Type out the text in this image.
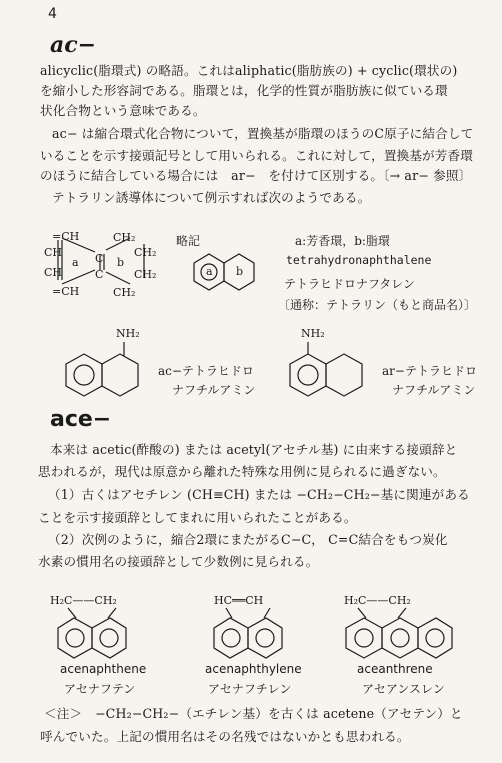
4
ac−
alicyclic(脂環式) の略語。これはaliphatic(脂肪族の) + cyclic(環状の)
を縮小した形容詞である。脂環とは，化学的性質が脂肪族に似ている環
状化合物という意味である。
ac− は縮合環式化合物について，置換基が脂環のほうのC原子に結合して
いることを示す接頭記号として用いられる。これに対して，置換基が芳香環
のほうに結合している場合には　ar−　を付けて区別する。〔→ ar− 参照〕
テトラリン誘導体について例示すれば次のようである。
=CH
CH
CH
=CH
C
C
CH₂
CH₂
CH₂
CH₂
a	b
略記
a b
a:芳香環，b:脂環
tetrahydronaphthalene
テトラヒドロナフタレン
〔通称：テトラリン（もと商品名）〕
NH₂
ac−テトラヒドロ
ナフチルアミン
NH₂
ar−テトラヒドロ
ナフチルアミン
ace−
本来は acetic(酢酸の) または acetyl(アセチル基) に由来する接頭辞と
思われるが，現代は原意から離れた特殊な用例に見られるに過ぎない。
（1）古くはアセチレン (CH≡CH) または −CH₂−CH₂−基に関連がある
ことを示す接頭辞としてまれに用いられたことがある。
（2）次例のように，縮合2環にまたがるC−C， C=C結合をもつ炭化
水素の慣用名の接頭辞として少数例に見られる。
H₂C——CH₂
acenaphthene
アセナフテン
HC══CH
acenaphthylene
アセナフチレン
H₂C——CH₂
aceanthrene
アセアンスレン
＜注＞　−CH₂−CH₂−（エチレン基）を古くは acetene（アセテン）と
呼んでいた。上記の慣用名はその名残ではないかとも思われる。
